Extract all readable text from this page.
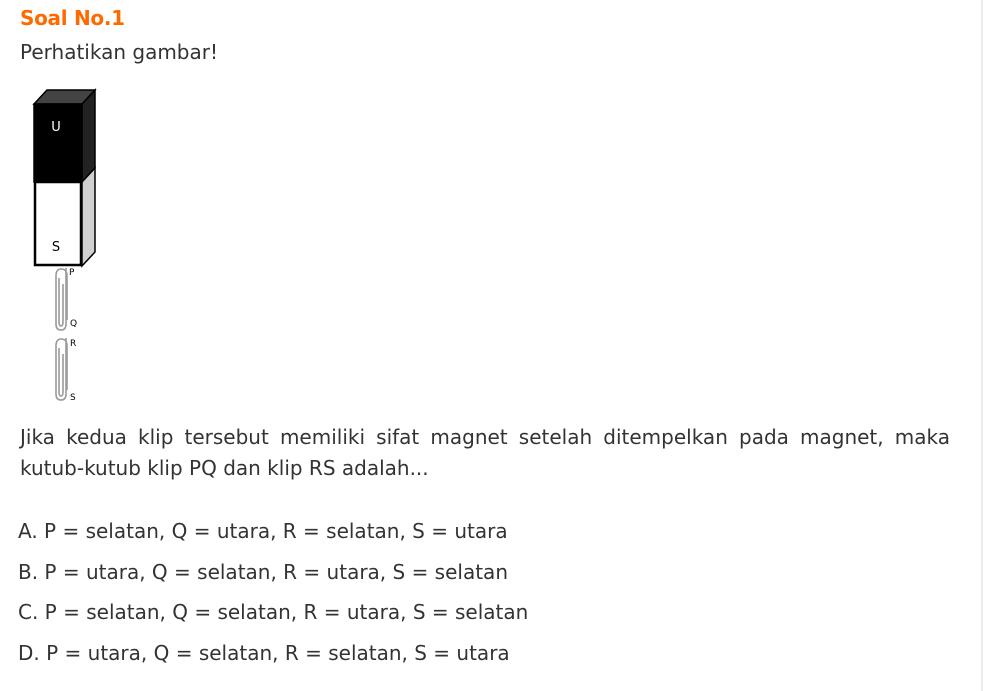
Soal No.1
Perhatikan gambar!
U
S
P
Q
R
S
Jika kedua klip tersebut memiliki sifat magnet setelah ditempelkan pada magnet, maka kutub-kutub klip PQ dan klip RS adalah...
A. P = selatan, Q = utara, R = selatan, S = utara
B. P = utara, Q = selatan, R = utara, S = selatan
C. P = selatan, Q = selatan, R = utara, S = selatan
D. P = utara, Q = selatan, R = selatan, S = utara
